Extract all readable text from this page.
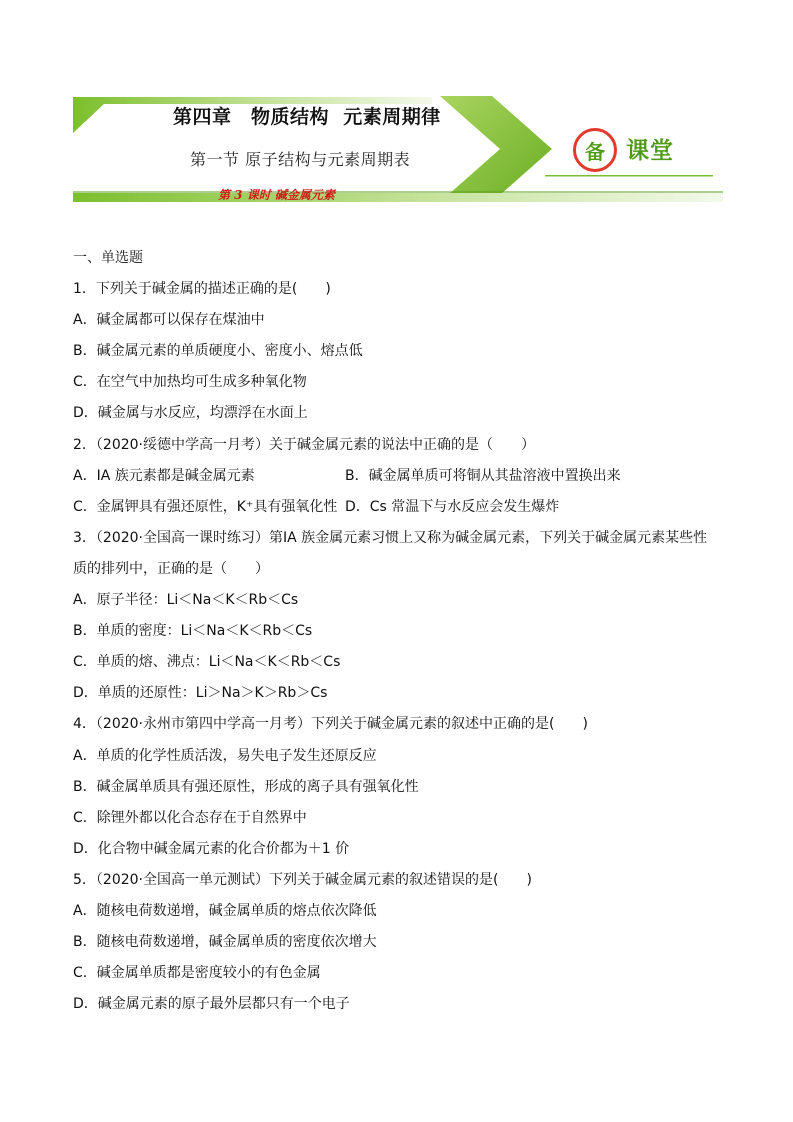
第四章　物质结构  元素周期律
第一节 原子结构与元素周期表
第 3 课时 碱金属元素
备 课堂
一、单选题
1．下列关于碱金属的描述正确的是(　　)
A．碱金属都可以保存在煤油中
B．碱金属元素的单质硬度小、密度小、熔点低
C．在空气中加热均可生成多种氧化物
D．碱金属与水反应，均漂浮在水面上
2．（2020·绥德中学高一月考）关于碱金属元素的说法中正确的是（　　）
A．ⅠA 族元素都是碱金属元素	B．碱金属单质可将铜从其盐溶液中置换出来
C．金属钾具有强还原性，K⁺具有强氧化性 D．Cs 常温下与水反应会发生爆炸
3．（2020·全国高一课时练习）第ⅠA 族金属元素习惯上又称为碱金属元素，下列关于碱金属元素某些性
质的排列中，正确的是（　　）
A．原子半径：Li＜Na＜K＜Rb＜Cs
B．单质的密度：Li＜Na＜K＜Rb＜Cs
C．单质的熔、沸点：Li＜Na＜K＜Rb＜Cs
D．单质的还原性：Li＞Na＞K＞Rb＞Cs
4．（2020·永州市第四中学高一月考）下列关于碱金属元素的叙述中正确的是(　　)
A．单质的化学性质活泼，易失电子发生还原反应
B．碱金属单质具有强还原性，形成的离子具有强氧化性
C．除锂外都以化合态存在于自然界中
D．化合物中碱金属元素的化合价都为＋1 价
5．（2020·全国高一单元测试）下列关于碱金属元素的叙述错误的是(　　)
A．随核电荷数递增，碱金属单质的熔点依次降低
B．随核电荷数递增，碱金属单质的密度依次增大
C．碱金属单质都是密度较小的有色金属
D．碱金属元素的原子最外层都只有一个电子
